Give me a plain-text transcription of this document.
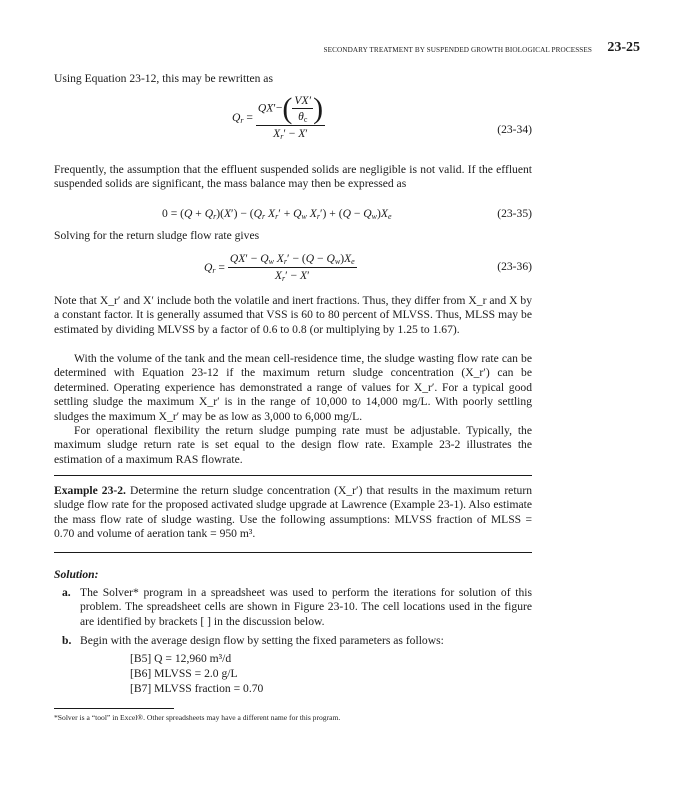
SECONDARY TREATMENT BY SUSPENDED GROWTH BIOLOGICAL PROCESSES 23-25
Using Equation 23-12, this may be rewritten as
$Q_r = \frac{QX'-( \frac{VX'}{\theta_c} )}{X_r' - X'}$	(23-34)
Frequently, the assumption that the effluent suspended solids are negligible is not valid. If the effluent suspended solids are significant, the mass balance may then be expressed as
$0 = (Q + Q_r)(X') - (Q_r$ $X_r' + Q_w$ $X_r') + (Q - Q_w)X_e$	(23-35)
Solving for the return sludge flow rate gives
$Q_r = \frac{QX' - Q_w X_r' - (Q - Q_w)X_e}{X_r' - X'}$	(23-36)
Note that X_r′ and X′ include both the volatile and inert fractions. Thus, they differ from X_r and X by a constant factor. It is generally assumed that VSS is 60 to 80 percent of MLVSS. Thus, MLSS may be estimated by dividing MLVSS by a factor of 0.6 to 0.8 (or multiplying by 1.25 to 1.67).
With the volume of the tank and the mean cell-residence time, the sludge wasting flow rate can be determined with Equation 23-12 if the maximum return sludge concentration (X_r′) can be determined. Operating experience has demonstrated a range of values for X_r′. For a typical good settling sludge the maximum X_r′ is in the range of 10,000 to 14,000 mg/L. With poorly settling sludges the maximum X_r′ may be as low as 3,000 to 6,000 mg/L.
For operational flexibility the return sludge pumping rate must be adjustable. Typically, the maximum sludge return rate is set equal to the design flow rate. Example 23-2 illustrates the estimation of a maximum RAS flowrate.
Example 23-2. Determine the return sludge concentration (X_r′) that results in the maximum return sludge flow rate for the proposed activated sludge upgrade at Lawrence (Example 23-1). Also estimate the mass flow rate of sludge wasting. Use the following assumptions: MLVSS fraction of MLSS = 0.70 and volume of aeration tank = 950 m³.
Solution:
a. The Solver* program in a spreadsheet was used to perform the iterations for solution of this problem. The spreadsheet cells are shown in Figure 23-10. The cell locations used in the figure are identified by brackets [ ] in the discussion below.
b. Begin with the average design flow by setting the fixed parameters as follows:
[B5] Q = 12,960 m³/d
[B6] MLVSS = 2.0 g/L
[B7] MLVSS fraction = 0.70
*Solver is a “tool” in Excel®. Other spreadsheets may have a different name for this program.
